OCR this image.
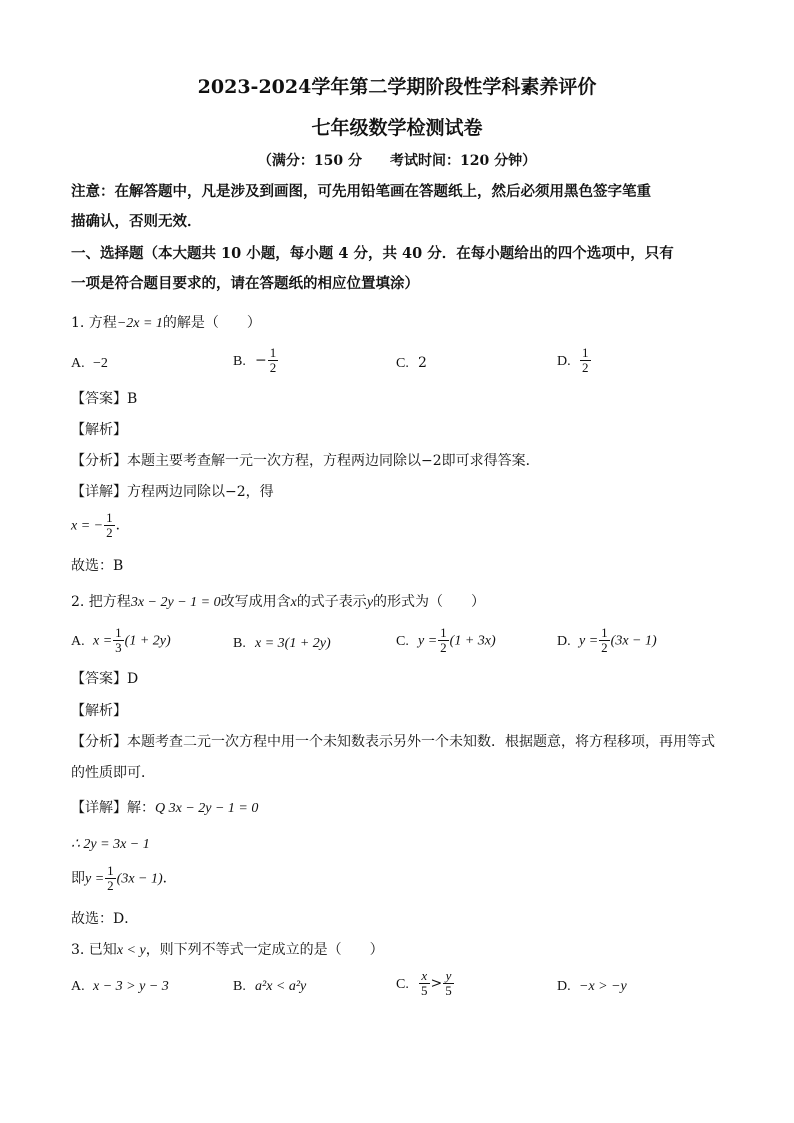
2023-2024学年第二学期阶段性学科素养评价
七年级数学检测试卷
（满分：150 分　　考试时间：120 分钟）
注意：在解答题中，凡是涉及到画图，可先用铅笔画在答题纸上，然后必须用黑色签字笔重
描确认，否则无效．
一、选择题（本大题共 10 小题，每小题 4 分，共 40 分．在每小题给出的四个选项中，只有
一项是符合题目要求的，请在答题纸的相应位置填涂）
1. 方程−2x = 1的解是（　　）
A. −2	B. − $\frac{1}{2}$	C. 2	D. $\frac{1}{2}$
【答案】B
【解析】
【分析】本题主要考查解一元一次方程，方程两边同除以−2即可求得答案．
【详解】方程两边同除以−2，得
x = − $\frac{1}{2}$ ．
故选：B
2. 把方程3x − 2y − 1 = 0改写成用含x的式子表示y的形式为（　　）
A. $x = \frac{1}{3} (1 + 2y)$	B. x = 3(1 + 2y)	C. $y = \frac{1}{2} (1 + 3x)$	D. $y = \frac{1}{2} (3x - 1)$
【答案】D
【解析】
【分析】本题考查二元一次方程中用一个未知数表示另外一个未知数．根据题意，将方程移项，再用等式
的性质即可．
【详解】解：Q 3x − 2y − 1 = 0
∴ 2y = 3x − 1
即$y = \frac{1}{2} (3x - 1)$．
故选：D．
3. 已知x < y，则下列不等式一定成立的是（　　）
A. x − 3 > y − 3	B. a²x < a²y	C. $\frac{x}{5} > \frac{y}{5}$	D. −x > −y
